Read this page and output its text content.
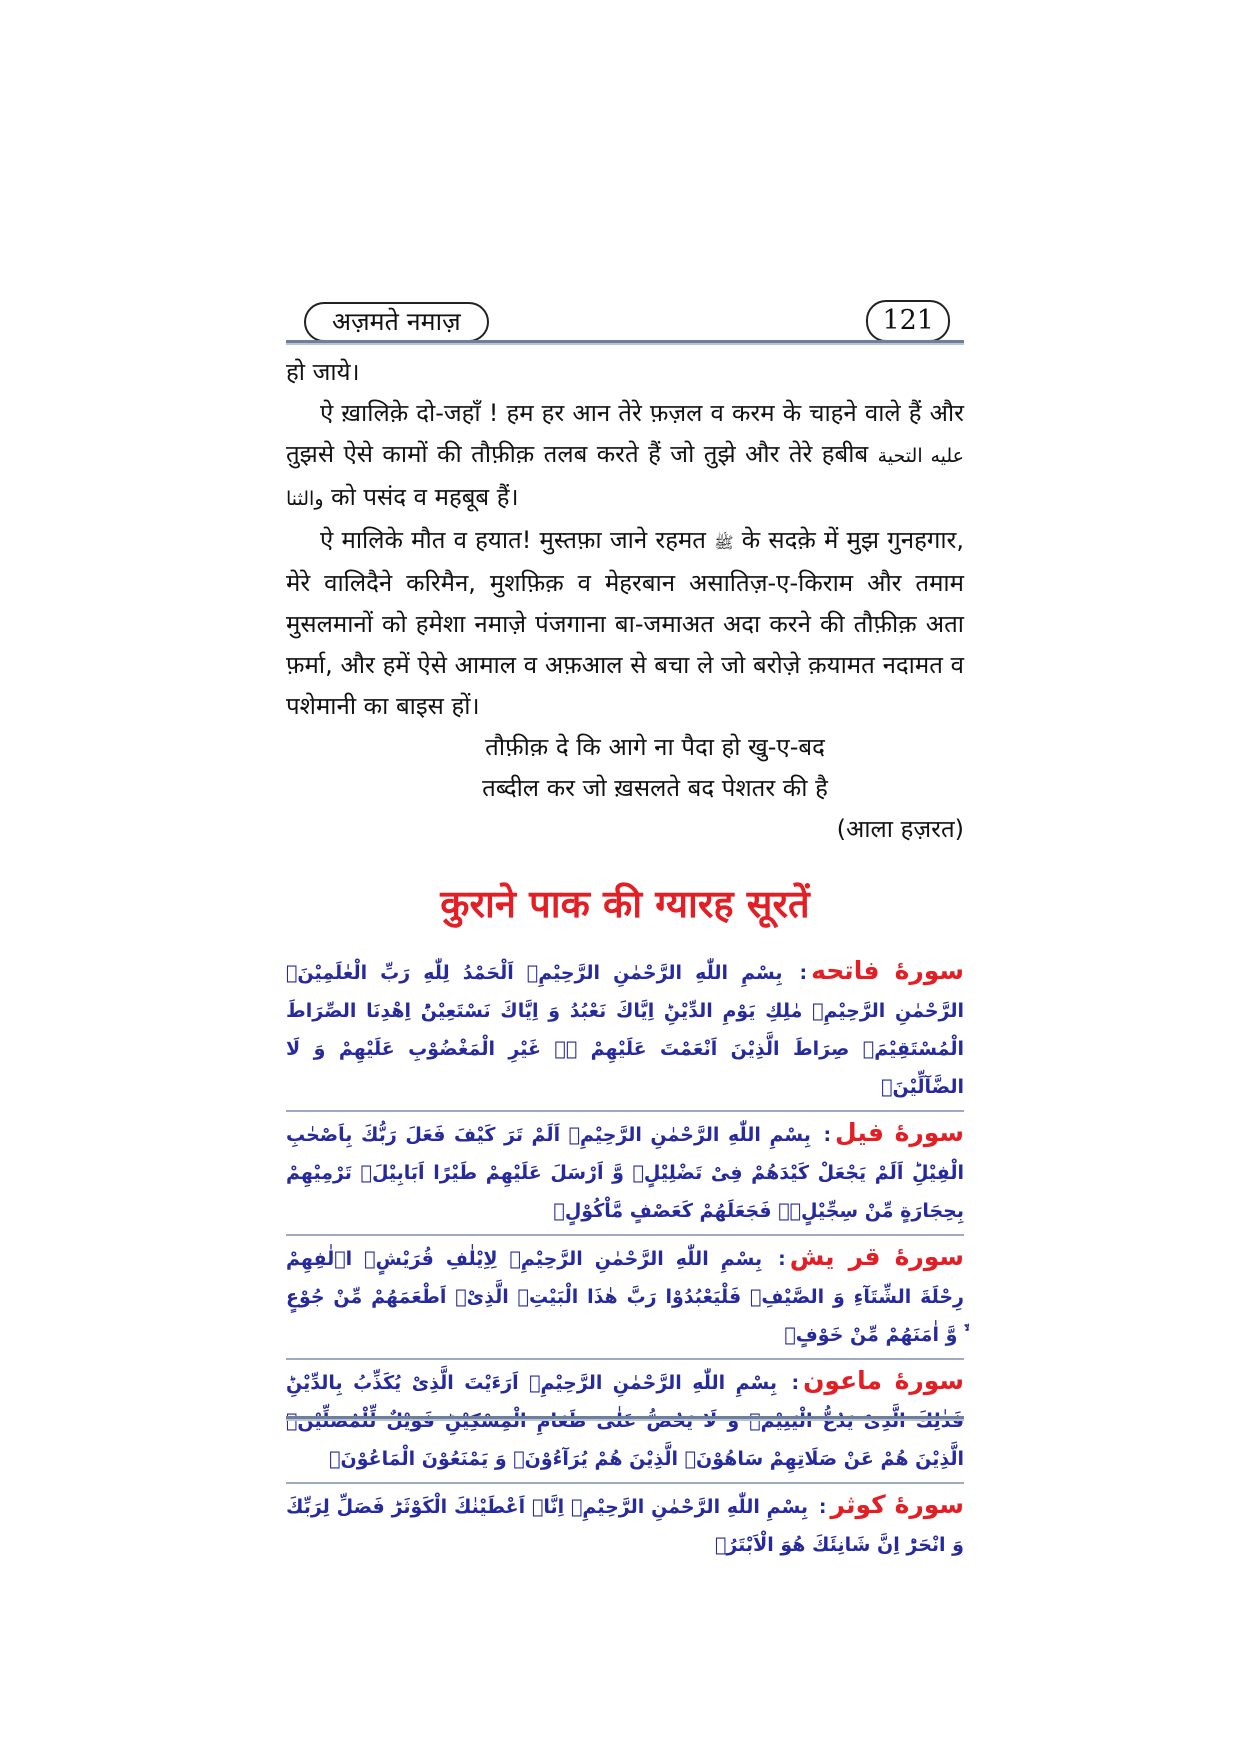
अज़मते नमाज़	121

हो जाये।

ऐ ख़ालिक़े दो-जहाँ ! हम हर आन तेरे फ़ज़ल व करम के चाहने वाले हैं और तुझसे ऐसे कामों की तौफ़ीक़ तलब करते हैं जो तुझे और तेरे हबीब علیه التحیة والثنا को पसंद व महबूब हैं।

ऐ मालिके मौत व हयात! मुस्तफ़ा जाने रहमत ﷺ के सदक़े में मुझ गुनहगार, मेरे वालिदैने करिमैन, मुशफ़िक़ व मेहरबान असातिज़-ए-किराम और तमाम मुसलमानों को हमेशा नमाज़े पंजगाना बा-जमाअत अदा करने की तौफ़ीक़ अता फ़र्मा, और हमें ऐसे आमाल व अफ़आल से बचा ले जो बरोज़े क़यामत नदामत व पशेमानी का बाइस हों।

तौफ़ीक़ दे कि आगे ना पैदा हो खु-ए-बद

तब्दील कर जो ख़सलते बद पेशतर की है

(आला हज़रत)

कुराने पाक की ग्यारह सूरतें
سورهٔ فاتحه: بِسْمِ اللّٰهِ الرَّحْمٰنِ الرَّحِیْمِ۔ اَلْحَمْدُ لِلّٰهِ رَبِّ الْعٰلَمِیْنَۙ الرَّحْمٰنِ الرَّحِیْمِۙ مٰلِكِ یَوْمِ الدِّیْنِؕ اِیَّاكَ نَعْبُدُ وَ اِیَّاكَ نَسْتَعِیْنُؕ اِهْدِنَا الصِّرَاطَ الْمُسْتَقِیْمَۙ صِرَاطَ الَّذِیْنَ اَنْعَمْتَ عَلَیْهِمْ ۙ۬ غَیْرِ الْمَغْضُوْبِ عَلَیْهِمْ وَ لَا الضَّآلِّیْنَ۠
سورهٔ فیل: بِسْمِ اللّٰهِ الرَّحْمٰنِ الرَّحِیْمِ۔ اَلَمْ تَرَ كَیْفَ فَعَلَ رَبُّكَ بِاَصْحٰبِ الْفِیْلِؕ اَلَمْ یَجْعَلْ كَیْدَهُمْ فِیْ تَضْلِیْلٍۙ وَّ اَرْسَلَ عَلَیْهِمْ طَیْرًا اَبَابِیْلَۙ تَرْمِیْهِمْ بِحِجَارَةٍ مِّنْ سِجِّیْلٍ۪ۙ فَجَعَلَهُمْ كَعَصْفٍ مَّاْكُوْلٍ۠
سورهٔ قر یش: بِسْمِ اللّٰهِ الرَّحْمٰنِ الرَّحِیْمِ۔ لِاِیْلٰفِ قُرَیْشٍۙ اٖلٰفِهِمْ رِحْلَةَ الشِّتَآءِ وَ الصَّیْفِۚ فَلْیَعْبُدُوْا رَبَّ هٰذَا الْبَیْتِۙ الَّذِیْۤ اَطْعَمَهُمْ مِّنْ جُوْعٍ ۙ۬ وَّ اٰمَنَهُمْ مِّنْ خَوْفٍ۠
سورهٔ ماعون: بِسْمِ اللّٰهِ الرَّحْمٰنِ الرَّحِیْمِ۔ اَرَءَیْتَ الَّذِیْ یُكَذِّبُ بِالدِّیْنِؕ فَذٰلِكَ الَّذِیْ یَدُعُّ الْیَتِیْمَۙ وَ لَا یَحُضُّ عَلٰى طَعَامِ الْمِسْكِیْنِؕ فَوَیْلٌ لِّلْمُصَلِّیْنَۙ الَّذِیْنَ هُمْ عَنْ صَلَاتِهِمْ سَاهُوْنَۙ الَّذِیْنَ هُمْ یُرَآءُوْنَۙ وَ یَمْنَعُوْنَ الْمَاعُوْنَ۠
سورهٔ کوثر: بِسْمِ اللّٰهِ الرَّحْمٰنِ الرَّحِیْمِ۔ اِنَّاۤ اَعْطَیْنٰكَ الْكَوْثَرَؕ فَصَلِّ لِرَبِّكَ وَ انْحَرْؕ اِنَّ شَانِئَكَ هُوَ الْاَبْتَرُ۠
